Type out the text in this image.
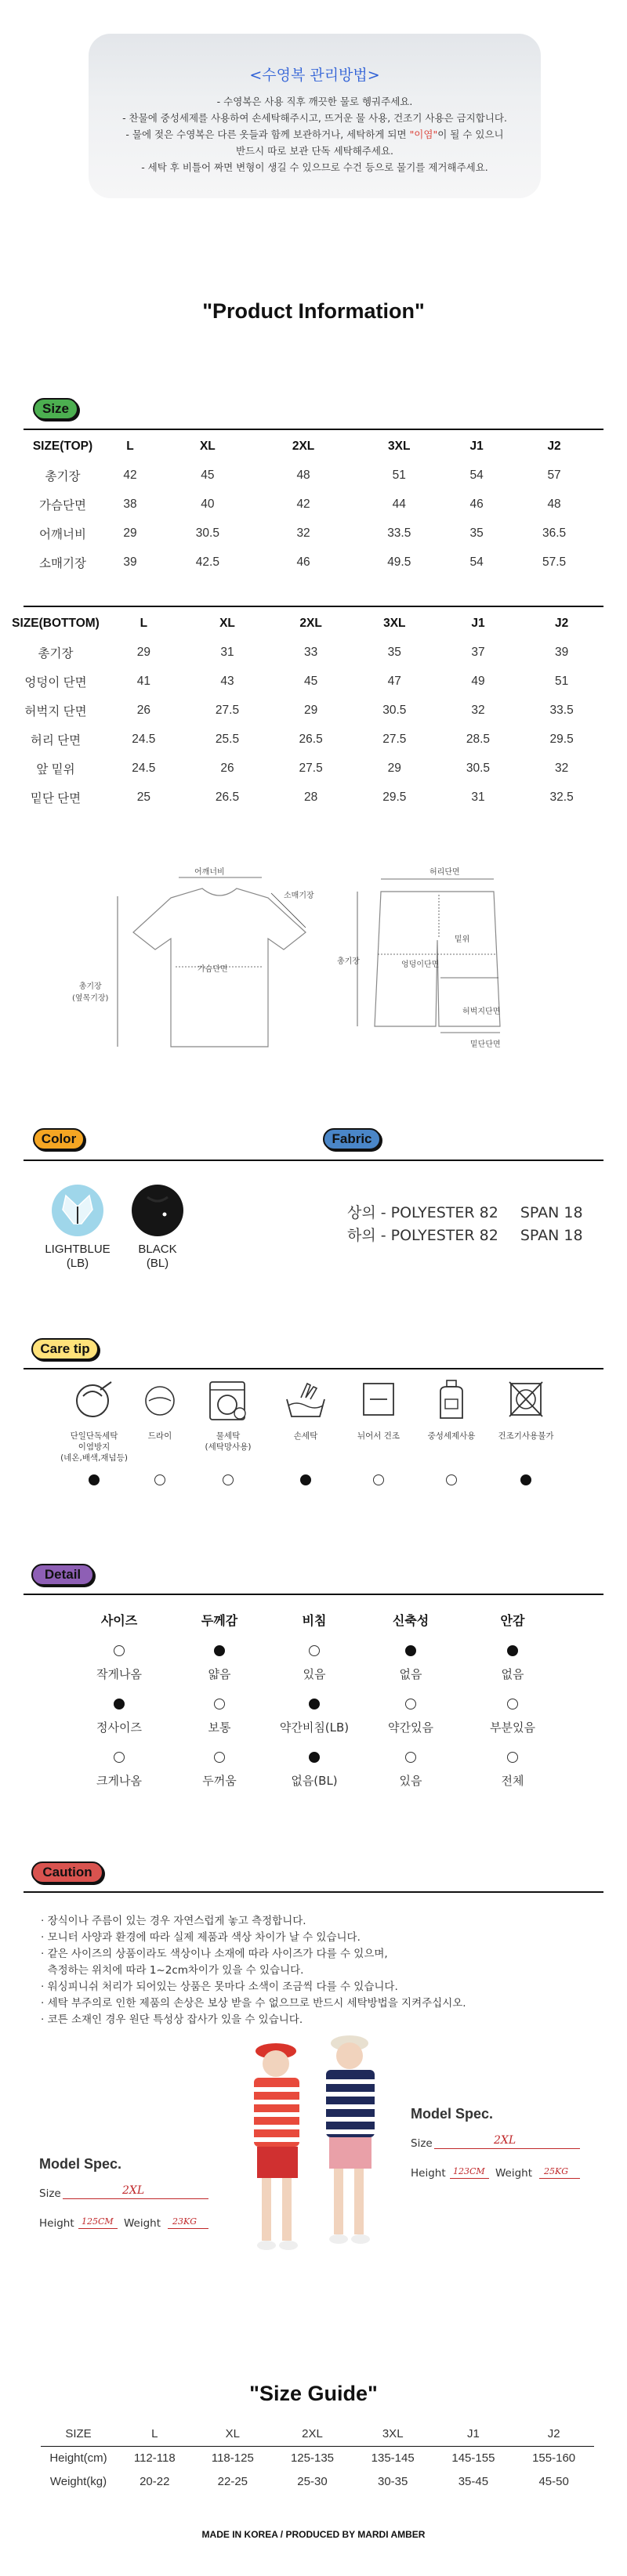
<수영복 관리방법>
- 수영복은 사용 직후 깨끗한 물로 헹궈주세요.
- 찬물에 중성세제를 사용하여 손세탁해주시고, 뜨거운 물 사용, 건조기 사용은 금지합니다.
- 물에 젖은 수영복은 다른 옷들과 함께 보관하거나, 세탁하게 되면 "이염"이 될 수 있으니
반드시 따로 보관 단독 세탁해주세요.
- 세탁 후 비틀어 짜면 변형이 생길 수 있으므로 수건 등으로 물기를 제거해주세요.
"Product Information"
Size
SIZE(TOP)	L	XL	2XL	3XL	J1	J2
총기장	42	45	48	51	54	57
가슴단면	38	40	42	44	46	48
어깨너비	29	30.5	32	33.5	35	36.5
소매기장	39	42.5	46	49.5	54	57.5
SIZE(BOTTOM)	L	XL	2XL	3XL	J1	J2
총기장	29	31	33	35	37	39
엉덩이 단면	41	43	45	47	49	51
허벅지 단면	26	27.5	29	30.5	32	33.5
허리 단면	24.5	25.5	26.5	27.5	28.5	29.5
앞 밑위	24.5	26	27.5	29	30.5	32
밑단 단면	25	26.5	28	29.5	31	32.5
어깨너비
소매기장
가슴단면
총기장
(옆목기장)
허리단면
총기장
밑위
엉덩이단면
허벅지단면
밑단단면
Color	Fabric
LIGHTBLUE
(LB)
BLACK
(BL)
상의 - POLYESTER 82 SPAN 18
하의 - POLYESTER 82 SPAN 18
Care tip
단일단독세탁
이염방지
(네온,배색,재넘등)
드라이	물세탁
(세탁망사용)
손세탁	뉘어서 건조	중성세제사용	건조기사용불가
Detail
사이즈	두께감	비침	신축성	안감
작게나옴	얇음	있음	없음	없음
정사이즈	보통	약간비침(LB)	약간있음	부분있음
크게나옴	두꺼움	없음(BL)	있음	전체
Caution
· 장식이나 주름이 있는 경우 자연스럽게 놓고 측정합니다.
· 모니터 사양과 환경에 따라 실제 제품과 색상 차이가 날 수 있습니다.
· 같은 사이즈의 상품이라도 색상이나 소재에 따라 사이즈가 다를 수 있으며,
측정하는 위치에 따라 1~2cm차이가 있을 수 있습니다.
· 워싱피니쉬 처리가 되어있는 상품은 못마다 소색이 조금씩 다를 수 있습니다.
· 세탁 부주의로 인한 제품의 손상은 보상 받을 수 없으므로 반드시 세탁방법을 지켜주십시오.
· 코튼 소재인 경우 원단 특성상 잡사가 있을 수 있습니다.
Model Spec.
Size	2XL
Height 125CM Weight 23KG
Model Spec.
Size	2XL
Height 123CM Weight 25KG
"Size Guide"
SIZE	L	XL	2XL	3XL	J1	J2
Height(cm)	112-118	118-125	125-135	135-145	145-155	155-160
Weight(kg)	20-22	22-25	25-30	30-35	35-45	45-50
MADE IN KOREA / PRODUCED BY MARDI AMBER
